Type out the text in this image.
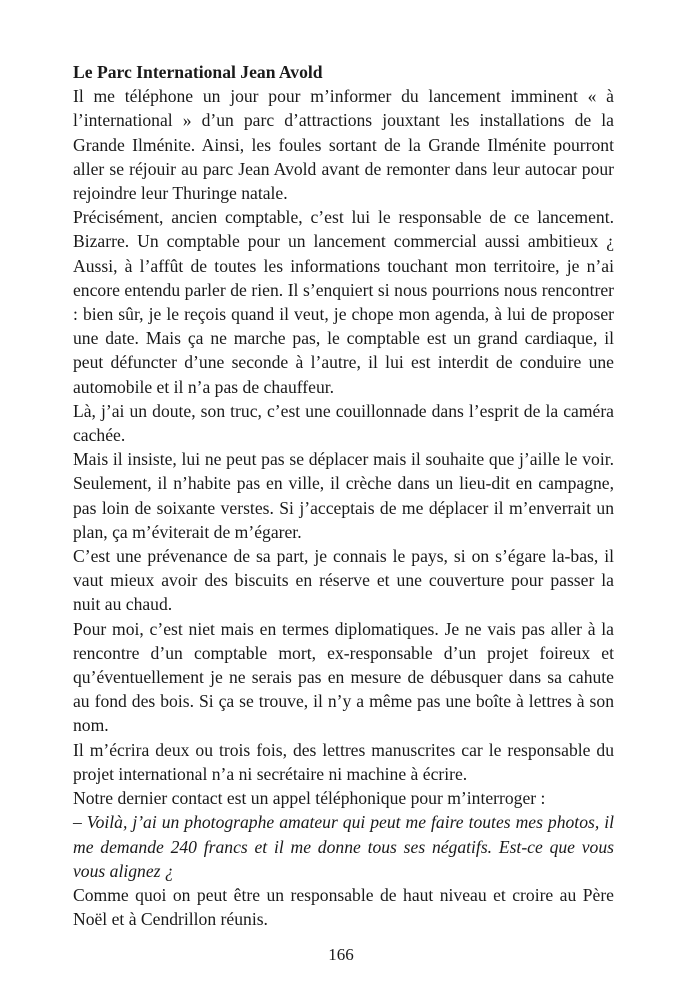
Le Parc International Jean Avold

Il me téléphone un jour pour m’informer du lancement imminent « à l’international » d’un parc d’attractions jouxtant les installations de la Grande Ilménite. Ainsi, les foules sortant de la Grande Ilménite pourront aller se réjouir au parc Jean Avold avant de remonter dans leur autocar pour rejoindre leur Thuringe natale.

Précisément, ancien comptable, c’est lui le responsable de ce lancement. Bizarre. Un comptable pour un lancement commercial aussi ambitieux ¿ Aussi, à l’affût de toutes les informations touchant mon territoire, je n’ai encore entendu parler de rien. Il s’enquiert si nous pourrions nous rencontrer : bien sûr, je le reçois quand il veut, je chope mon agenda, à lui de proposer une date. Mais ça ne marche pas, le comptable est un grand cardiaque, il peut défuncter d’une seconde à l’autre, il lui est interdit de conduire une automobile et il n’a pas de chauffeur.

Là, j’ai un doute, son truc, c’est une couillonnade dans l’esprit de la caméra cachée.

Mais il insiste, lui ne peut pas se déplacer mais il souhaite que j’aille le voir. Seulement, il n’habite pas en ville, il crèche dans un lieu-dit en campagne, pas loin de soixante verstes. Si j’acceptais de me déplacer il m’enverrait un plan, ça m’éviterait de m’égarer.

C’est une prévenance de sa part, je connais le pays, si on s’égare la-bas, il vaut mieux avoir des biscuits en réserve et une couverture pour passer la nuit au chaud.

Pour moi, c’est niet mais en termes diplomatiques. Je ne vais pas aller à la rencontre d’un comptable mort, ex-responsable d’un projet foireux et qu’éventuellement je ne serais pas en mesure de débusquer dans sa cahute au fond des bois. Si ça se trouve, il n’y a même pas une boîte à lettres à son nom.

Il m’écrira deux ou trois fois, des lettres manuscrites car le responsable du projet international n’a ni secrétaire ni machine à écrire.

Notre dernier contact est un appel téléphonique pour m’interroger :

– Voilà, j’ai un photographe amateur qui peut me faire toutes mes photos, il me demande 240 francs et il me donne tous ses négatifs. Est-ce que vous vous alignez ¿

Comme quoi on peut être un responsable de haut niveau et croire au Père Noël et à Cendrillon réunis.

166
